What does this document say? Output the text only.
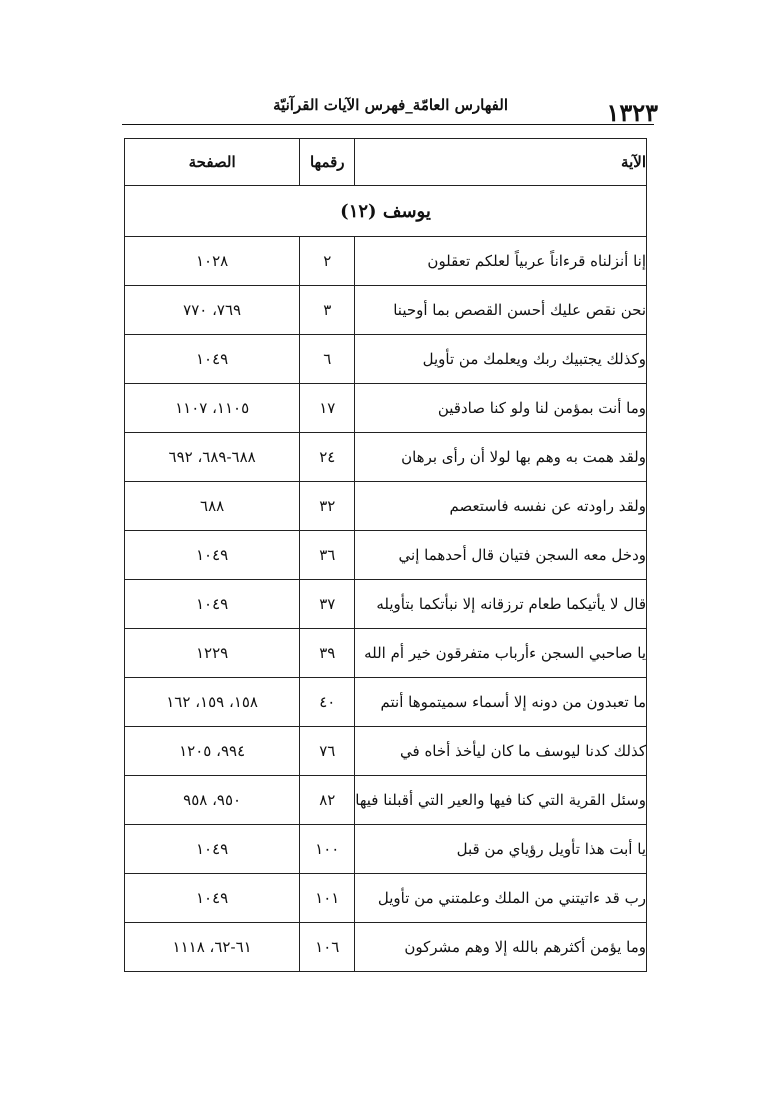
١٣٢٣
الفهارس العامّة_فهرس الآيات القرآنيّة
الآية	رقمها	الصفحة
يوسف (١٢)		
إنا أنزلناه قرءاناً عربياً لعلكم تعقلون	٢	١٠٢٨
نحن نقص عليك أحسن القصص بما أوحينا	٣	٧٦٩، ٧٧٠
وكذلك يجتبيك ربك ويعلمك من تأويل	٦	١٠٤٩
وما أنت بمؤمن لنا ولو كنا صادقين	١٧	١١٠٥، ١١٠٧
ولقد همت به وهم بها لولا أن رأى برهان	٢٤	٦٨٨-٦٨٩، ٦٩٢
ولقد راودته عن نفسه فاستعصم	٣٢	٦٨٨
ودخل معه السجن فتيان قال أحدهما إني	٣٦	١٠٤٩
قال لا يأتيكما طعام ترزقانه إلا نبأتكما بتأويله	٣٧	١٠٤٩
يا صاحبي السجن ءأرباب متفرقون خير أم الله	٣٩	١٢٢٩
ما تعبدون من دونه إلا أسماء سميتموها أنتم	٤٠	١٥٨، ١٥٩، ١٦٢
كذلك كدنا ليوسف ما كان ليأخذ أخاه في	٧٦	٩٩٤، ١٢٠٥
وسئل القرية التي كنا فيها والعير التي أقبلنا فيها	٨٢	٩٥٠، ٩٥٨
يا أبت هذا تأويل رؤياي من قبل	١٠٠	١٠٤٩
رب قد ءاتيتني من الملك وعلمتني من تأويل	١٠١	١٠٤٩
وما يؤمن أكثرهم بالله إلا وهم مشركون	١٠٦	٦١-٦٢، ١١١٨
